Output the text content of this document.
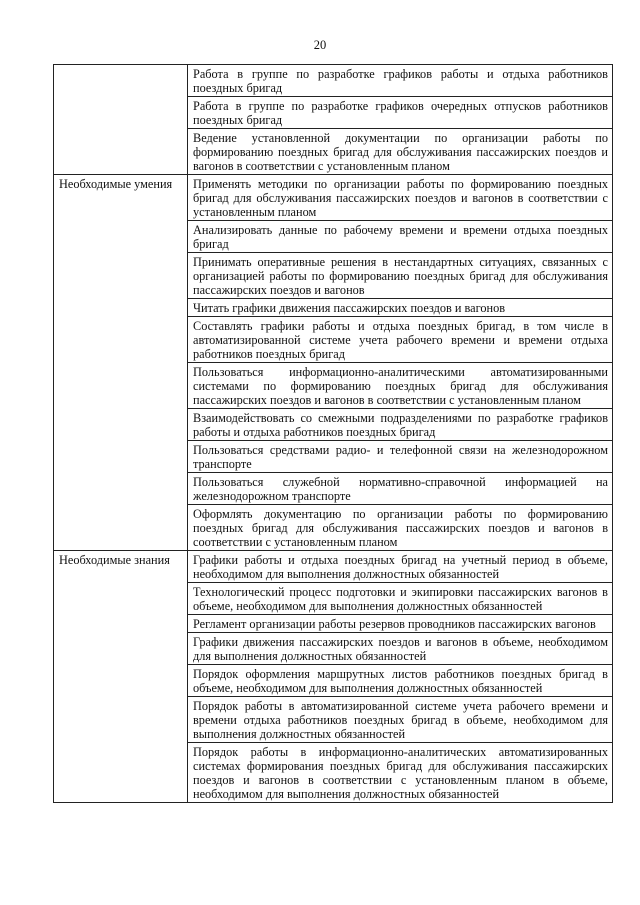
20
	Работа в группе по разработке графиков работы и отдыха работников поездных бригад
	Работа в группе по разработке графиков очередных отпусков работников поездных бригад
	Ведение установленной документации по организации работы по формированию поездных бригад для обслуживания пассажирских поездов и вагонов в соответствии с установленным планом
Необходимые умения	Применять методики по организации работы по формированию поездных бригад для обслуживания пассажирских поездов и вагонов в соответствии с установленным планом
	Анализировать данные по рабочему времени и времени отдыха поездных бригад
	Принимать оперативные решения в нестандартных ситуациях, связанных с организацией работы по формированию поездных бригад для обслуживания пассажирских поездов и вагонов
	Читать графики движения пассажирских поездов и вагонов
	Составлять графики работы и отдыха поездных бригад, в том числе в автоматизированной системе учета рабочего времени и времени отдыха работников поездных бригад
	Пользоваться информационно-аналитическими автоматизированными системами по формированию поездных бригад для обслуживания пассажирских поездов и вагонов в соответствии с установленным планом
	Взаимодействовать со смежными подразделениями по разработке графиков работы и отдыха работников поездных бригад
	Пользоваться средствами радио- и телефонной связи на железнодорожном транспорте
	Пользоваться служебной нормативно-справочной информацией на железнодорожном транспорте
	Оформлять документацию по организации работы по формированию поездных бригад для обслуживания пассажирских поездов и вагонов в соответствии с установленным планом
Необходимые знания	Графики работы и отдыха поездных бригад на учетный период в объеме, необходимом для выполнения должностных обязанностей
	Технологический процесс подготовки и экипировки пассажирских вагонов в объеме, необходимом для выполнения должностных обязанностей
	Регламент организации работы резервов проводников пассажирских вагонов
	Графики движения пассажирских поездов и вагонов в объеме, необходимом для выполнения должностных обязанностей
	Порядок оформления маршрутных листов работников поездных бригад в объеме, необходимом для выполнения должностных обязанностей
	Порядок работы в автоматизированной системе учета рабочего времени и времени отдыха работников поездных бригад в объеме, необходимом для выполнения должностных обязанностей
	Порядок работы в информационно-аналитических автоматизированных системах формирования поездных бригад для обслуживания пассажирских поездов и вагонов в соответствии с установленным планом в объеме, необходимом для выполнения должностных обязанностей
